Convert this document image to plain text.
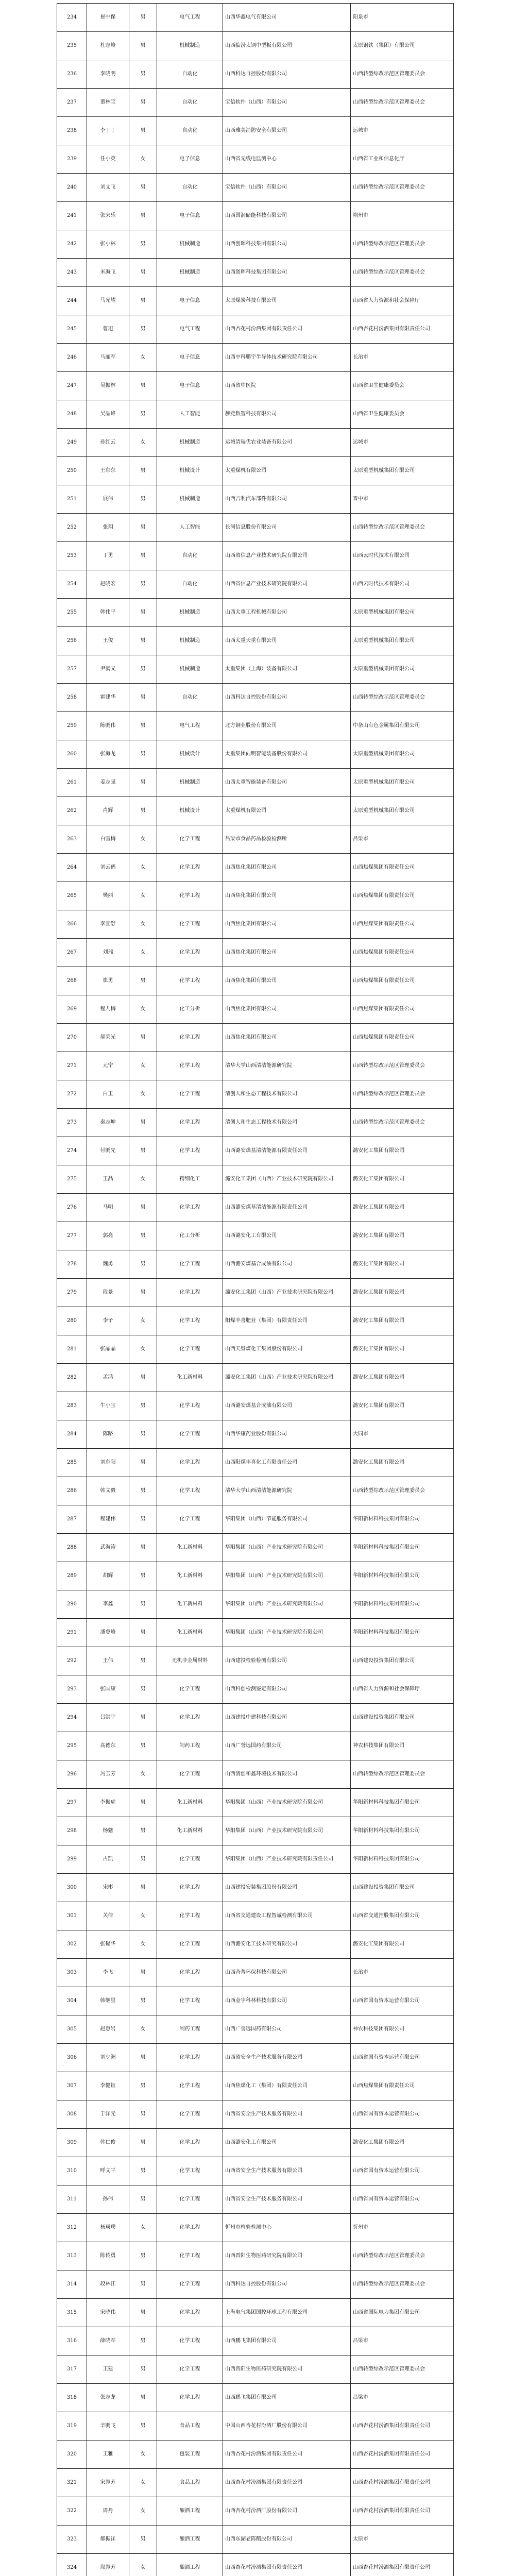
234	崔中保	男	电气工程	山西华鑫电气有限公司	阳泉市
235	杜志峰	男	机械制造	山西临汾太钢中型板有限公司	太原钢铁（集团）有限公司
236	李晓明	男	自动化	山西科达自控股份有限公司	山西转型综改示范区管理委员会
237	董林宝	男	自动化	宝信软件（山西）有限公司	山西转型综改示范区管理委员会
238	李丁丁	男	自动化	山西雅美消防安全有限公司	运城市
239	任小英	女	电子信息	山西省无线电监测中心	山西省工业和信息化厅
240	刘文飞	男	自动化	宝信软件（山西）有限公司	山西转型综改示范区管理委员会
241	张宋乐	男	电子信息	山西国润储能科技有限公司	朔州市
242	张小林	男	机械制造	山西创晖科技集团有限公司	山西转型综改示范区管理委员会
243	米海飞	男	机械制造	山西创晖科技集团有限公司	山西转型综改示范区管理委员会
244	马光耀	男	电子信息	太原煤炭科技有限公司	山西省人力资源和社会保障厅
245	曹旭	男	电气工程	山西杏花村汾酒集团有限责任公司	山西杏花村汾酒集团有限责任公司
246	马丽军	女	电子信息	山西中科鹏宇半导体技术研究院有限公司	长治市
247	吴振林	男	电子信息	山西省中医院	山西省卫生健康委员会
248	吴喆峰	男	人工智能	赫竞数智科技有限公司	山西省卫生健康委员会
249	孙红云	女	机械制造	运城清瑞优农业装备有限公司	运城市
250	王东东	男	机械设计	太重煤机有限公司	太原重型机械集团有限公司
251	展伟	男	机械制造	山西吉利汽车部件有限公司	晋中市
252	张翔	男	人工智能	长河信息股份有限公司	山西转型综改示范区管理委员会
253	丁勇	男	自动化	山西省信息产业技术研究院有限公司	山西云时代技术有限公司
254	赵晓宏	男	自动化	山西省信息产业技术研究院有限公司	山西云时代技术有限公司
255	韩伟平	男	机械制造	山西太重工程机械有限公司	太原重型机械集团有限公司
256	王俊	男	机械制造	山西太重天重有限公司	太原重型机械集团有限公司
257	尹满义	男	机械制造	太重集团（上海）装备有限公司	太原重型机械集团有限公司
258	霍建华	男	自动化	山西科达自控股份有限公司	山西转型综改示范区管理委员会
259	陈鹏伟	男	电气工程	北方铜业股份有限公司	中条山有色金属集团有限公司
260	张海龙	男	机械设计	太重集团向明智能装备股份有限公司	太原重型机械集团有限公司
261	姜志强	男	机械制造	山西太重智能装备有限公司	太原重型机械集团有限公司
262	肖辉	男	机械设计	太重煤机有限公司	太原重型机械集团有限公司
263	白雪梅	女	化学工程	吕梁市食品药品检验检测所	吕梁市
264	刘云鹤	女	化学工程	山西焦化集团有限公司	山西焦煤集团有限责任公司
265	樊丽	女	化学工程	山西焦化集团有限公司	山西焦煤集团有限责任公司
266	李宜舒	女	化学工程	山西焦化集团有限公司	山西焦煤集团有限责任公司
267	刘瑞	女	化学工程	山西焦化集团有限公司	山西焦煤集团有限责任公司
268	崔勇	男	化学工程	山西焦化集团有限公司	山西焦煤集团有限责任公司
269	程九梅	女	化工分析	山西焦化集团有限公司	山西焦煤集团有限责任公司
270	郝荣光	男	化学工程	山西焦化集团有限公司	山西焦煤集团有限责任公司
271	元宁	女	化学工程	清华大学山西清洁能源研究院	山西转型综改示范区管理委员会
272	白玉	女	化学工程	清创人和生态工程技术有限公司	山西转型综改示范区管理委员会
273	秦志坤	男	化学工程	清创人和生态工程技术有限公司	山西转型综改示范区管理委员会
274	付鹏先	男	化学工程	山西潞安煤基清洁能源有限责任公司	潞安化工集团有限公司
275	王晶	女	精细化工	潞安化工集团（山西）产业技术研究院有限公司	潞安化工集团有限公司
276	马明	男	化学工程	山西潞安煤基清洁能源有限责任公司	潞安化工集团有限公司
277	郭亮	男	化工分析	山西潞安化工有限公司	潞安化工集团有限公司
278	魏勇	男	化学工程	山西潞安煤基合成油有限公司	潞安化工集团有限公司
279	段景	男	化学工程	潞安化工集团（山西）产业技术研究院有限公司	潞安化工集团有限公司
280	李子	女	化学工程	阳煤丰喜肥业（集团）有限责任公司	潞安化工集团有限公司
281	张晶晶	女	化学工程	山西天脊煤化工集团股份有限公司	潞安化工集团有限公司
282	孟鸿	男	化工新材料	潞安化工集团（山西）产业技术研究院有限公司	潞安化工集团有限公司
283	牛小宝	男	化学工程	山西潞安煤基合成油有限公司	潞安化工集团有限公司
284	陈路	男	化学工程	山西华康药业股份有限公司	大同市
285	刘东阳	男	化学工程	山西阳煤丰喜化工有限责任公司	潞安化工集团有限公司
286	韩文毅	男	化学工程	清华大学山西清洁能源研究院	山西转型综改示范区管理委员会
287	程建伟	男	化学工程	华阳集团（山西）节能服务有限公司	华阳新材料科技集团有限公司
288	武海涛	男	化工新材料	华阳集团（山西）产业技术研究院有限公司	华阳新材料科技集团有限公司
289	胡辉	男	化工新材料	华阳集团（山西）产业技术研究院有限公司	华阳新材料科技集团有限公司
290	李鑫	男	化工新材料	华阳集团（山西）产业技术研究院有限公司	华阳新材料科技集团有限公司
291	潘登峰	男	化工新材料	华阳集团（山西）产业技术研究院有限公司	华阳新材料科技集团有限公司
292	王伟	男	无机非金属材料	山西建投检验检测有限公司	山西建设投资集团有限公司
293	张国康	男	化学工程	山西科创检测鉴定有限公司	山西省人力资源和社会保障厅
294	吕洪宇	男	化学工程	山西建投中建科技有限公司	山西建设投资集团有限公司
295	高德东	男	制药工程	山西广誉远国药有限公司	神农科技集团有限公司
296	冯玉芳	女	化学工程	山西清创和鑫环境技术有限公司	山西转型综改示范区管理委员会
297	李振虎	男	化工新材料	华阳集团（山西）产业技术研究院有限公司	华阳新材料科技集团有限公司
298	杨戆	男	化工新材料	华阳集团（山西）产业技术研究院有限公司	华阳新材料科技集团有限公司
299	古凯	男	化学工程	华阳集团（山西）产业技术研究院有限责任公司	华阳新材料科技集团有限公司
300	宋彬	男	化学工程	山西建投安装集团股份有限公司	山西建设投资集团有限公司
301	关倩	女	化学工程	山西省交通建设工程智诚检测有限公司	山西省交通控股集团有限公司
302	张韫华	女	化学工程	山西潞安化工技术研究有限公司	潞安化工集团有限公司
303	李飞	男	化学工程	山西奇菁环保科技有限公司	长治市
304	韩继星	男	化学工程	山西金宇科林科技有限公司	山西省国有资本运营有限公司
305	赵惠岩	女	制药工程	山西广誉远国药有限公司	神农科技集团有限公司
306	刘少洲	男	化学工程	山西省安全生产技术服务有限公司	山西省国有资本运营有限公司
307	李健钰	男	化学工程	山西焦煤化工（集团）有限责任公司	山西焦煤集团有限责任公司
308	于洋元	男	化学工程	山西省安全生产技术服务有限公司	山西省国有资本运营有限公司
309	韩仁俊	男	化学工程	山西潞安化工有限公司	潞安化工集团有限公司
310	呼文平	男	化学工程	山西省安全生产技术服务有限公司	山西省国有资本运营有限公司
311	孙伟	男	化学工程	山西省安全生产技术服务有限公司	山西省国有资本运营有限公司
312	杨瑛璞	女	化学工程	忻州市检验检测中心	忻州市
313	陈传勇	男	化学工程	山西晋阳生物医药研究院有限公司	山西转型综改示范区管理委员会
314	段林江	男	化学工程	山西科达自控股份有限公司	山西转型综改示范区管理委员会
315	宋晓伟	男	化学工程	上海电气集团国控环球工程有限公司	山西省国际电力集团有限公司
316	薛晓军	男	化学工程	山西鹏飞集团有限公司	吕梁市
317	王建	男	化学工程	山西晋阳生物医药研究院有限公司	山西转型综改示范区管理委员会
318	张志龙	男	化学工程	山西鹏飞集团有限公司	吕梁市
319	辛鹏飞	男	食品工程	中国山西杏花村汾酒厂股份有限公司	山西杏花村汾酒集团有限责任公司
320	王雅	女	包装工程	山西杏花村汾酒集团有限责任公司	山西杏花村汾酒集团有限责任公司
321	宋慧芳	女	食品工程	山西杏花村汾酒集团有限责任公司	山西杏花村汾酒集团有限责任公司
322	周丹	女	酿酒工程	山西杏花村汾酒厂股份有限公司	山西杏花村汾酒集团有限责任公司
323	郝振洋	男	酿酒工程	山西东湖老陈醋股份有限公司	太原市
324	段慧芳	女	酿酒工程	山西杏花村汾酒集团有限责任公司	山西杏花村汾酒集团有限责任公司
